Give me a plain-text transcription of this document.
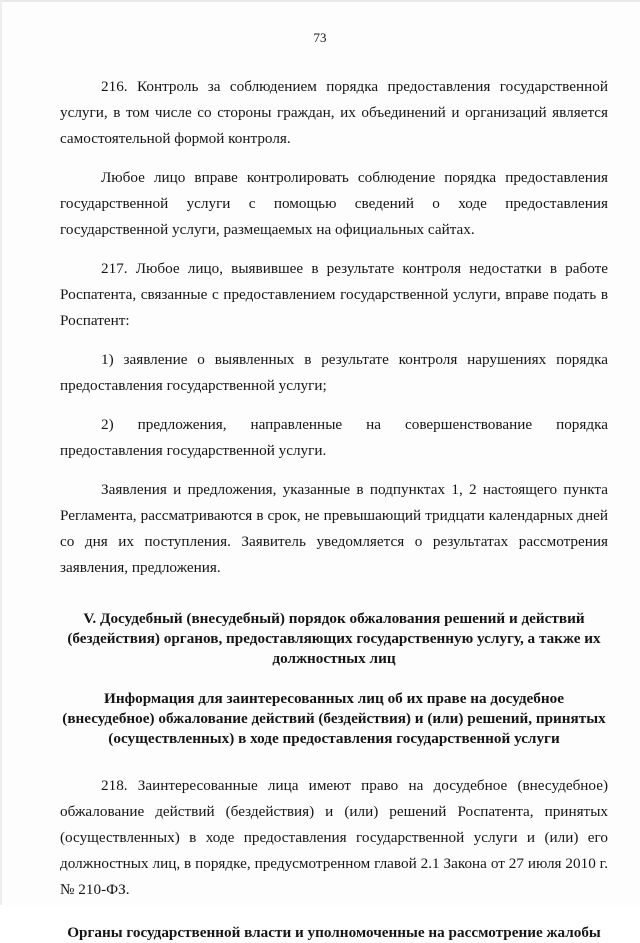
73

216. Контроль за соблюдением порядка предоставления государственной услуги, в том числе со стороны граждан, их объединений и организаций является самостоятельной формой контроля.

Любое лицо вправе контролировать соблюдение порядка предоставления государственной услуги с помощью сведений о ходе предоставления государственной услуги, размещаемых на официальных сайтах.

217. Любое лицо, выявившее в результате контроля недостатки в работе Роспатента, связанные с предоставлением государственной услуги, вправе подать в Роспатент:

1) заявление о выявленных в результате контроля нарушениях порядка предоставления государственной услуги;

2) предложения, направленные на совершенствование порядка предоставления государственной услуги.

Заявления и предложения, указанные в подпунктах 1, 2 настоящего пункта Регламента, рассматриваются в срок, не превышающий тридцати календарных дней со дня их поступления. Заявитель уведомляется о результатах рассмотрения заявления, предложения.

V. Досудебный (внесудебный) порядок обжалования решений и действий
(бездействия) органов, предоставляющих государственную услугу, а также их
должностных лиц
Информация для заинтересованных лиц об их праве на досудебное
(внесудебное) обжалование действий (бездействия) и (или) решений, принятых
(осуществленных) в ходе предоставления государственной услуги

218. Заинтересованные лица имеют право на досудебное (внесудебное) обжалование действий (бездействия) и (или) решений Роспатента, принятых (осуществленных) в ходе предоставления государственной услуги и (или) его должностных лиц, в порядке, предусмотренном главой 2.1 Закона от 27 июля 2010 г. № 210-ФЗ.

Органы государственной власти и уполномоченные на рассмотрение жалобы
